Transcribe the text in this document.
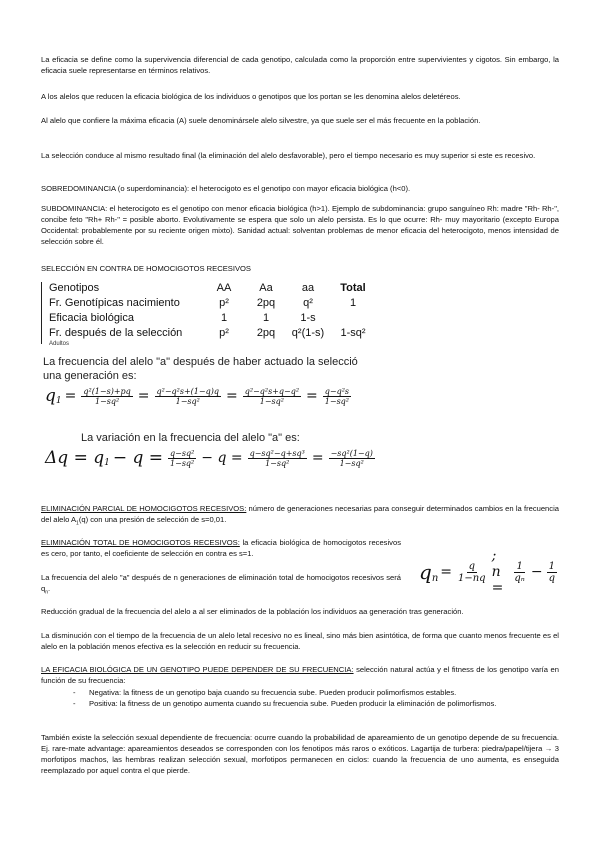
La eficacia se define como la supervivencia diferencial de cada genotipo, calculada como la proporción entre supervivientes y cigotos. Sin embargo, la eficacia suele representarse en términos relativos.

A los alelos que reducen la eficacia biológica de los individuos o genotipos que los portan se les denomina alelos deletéreos.

Al alelo que confiere la máxima eficacia (A) suele denominársele alelo silvestre, ya que suele ser el más frecuente en la población.

La selección conduce al mismo resultado final (la eliminación del alelo desfavorable), pero el tiempo necesario es muy superior si este es recesivo.

SOBREDOMINANCIA (o superdominancia): el heterocigoto es el genotipo con mayor eficacia biológica (h<0).

SUBDOMINANCIA: el heterocigoto es el genotipo con menor eficacia biológica (h>1). Ejemplo de subdominancia: grupo sanguíneo Rh: madre "Rh- Rh-", concibe feto "Rh+ Rh-" = posible aborto. Evolutivamente se espera que solo un alelo persista. Es lo que ocurre: Rh- muy mayoritario (excepto Europa Occidental: probablemente por su reciente origen mixto). Sanidad actual: solventan problemas de menor eficacia del heterocigoto, menos intensidad de selección sobre él.

SELECCIÓN EN CONTRA DE HOMOCIGOTOS RECESIVOS

Genotipos	AA	Aa	aa	Total
Fr. Genotípicas nacimiento	p²	2pq	q²	1
Eficacia biológica	1	1	1-s	
Fr. después de la selección	p²	2pq	q²(1-s)	1-sq²
Adultos
La frecuencia del alelo "a" después de haber actuado la selecció
una generación es:
q $1 = \frac{\text{q²(1−s)+pq}}{\text{1−sq²}} = \frac{\text{q²−q²s+(1−q)q}}{\text{1−sq²}} = \frac{\text{q²−q²s+q−q²}}{\text{1−sq²}} = \frac{\text{q−q²s}}{\text{1−sq²}}$
La variación en la frecuencia del alelo "a" es:
Δq = q $1 - q = \frac{\text{q−sq²}}{\text{1−sq²}} - q = \frac{\text{q−sq²−q+sq³}}{\text{1−sq²}} = \frac{\text{−sq²(1−q)}}{\text{1−sq²}}$

ELIMINACIÓN PARCIAL DE HOMOCIGOTOS RECESIVOS: número de generaciones necesarias para conseguir determinados cambios en la frecuencia del alelo $A_1(q)$ con una presión de selección de s=0,01.

ELIMINACIÓN TOTAL DE HOMOCIGOTOS RECESIVOS: la eficacia biológica de homocigotos recesivos es cero, por tanto, el coeficiente de selección en contra es s=1.

La frecuencia del alelo "a" después de n generaciones de eliminación total de homocigotos recesivos será $q_n$.

q $n = \frac{q}{1-nq}$
; n =
$\frac{1}{\text{qₙ}} - \frac{1}{q}$

Reducción gradual de la frecuencia del alelo a al ser eliminados de la población los individuos aa generación tras generación.

La disminución con el tiempo de la frecuencia de un alelo letal recesivo no es lineal, sino más bien asintótica, de forma que cuanto menos frecuente es el alelo en la población menos efectiva es la selección en reducir su frecuencia.

LA EFICACIA BIOLÓGICA DE UN GENOTIPO PUEDE DEPENDER DE SU FRECUENCIA: selección natural actúa y el fitness de los genotipo varía en función de su frecuencia:

- Negativa: la fitness de un genotipo baja cuando su frecuencia sube. Pueden producir polimorfismos estables.
- Positiva: la fitness de un genotipo aumenta cuando su frecuencia sube. Pueden producir la eliminación de polimorfismos.

También existe la selección sexual dependiente de frecuencia: ocurre cuando la probabilidad de apareamiento de un genotipo depende de su frecuencia. Ej. rare-mate advantage: apareamientos deseados se corresponden con los fenotipos más raros o exóticos. Lagartija de turbera: piedra/papel/tijera → 3 morfotipos machos, las hembras realizan selección sexual, morfotipos permanecen en ciclos: cuando la frecuencia de uno aumenta, es enseguida reemplazado por aquel contra el que pierde.
